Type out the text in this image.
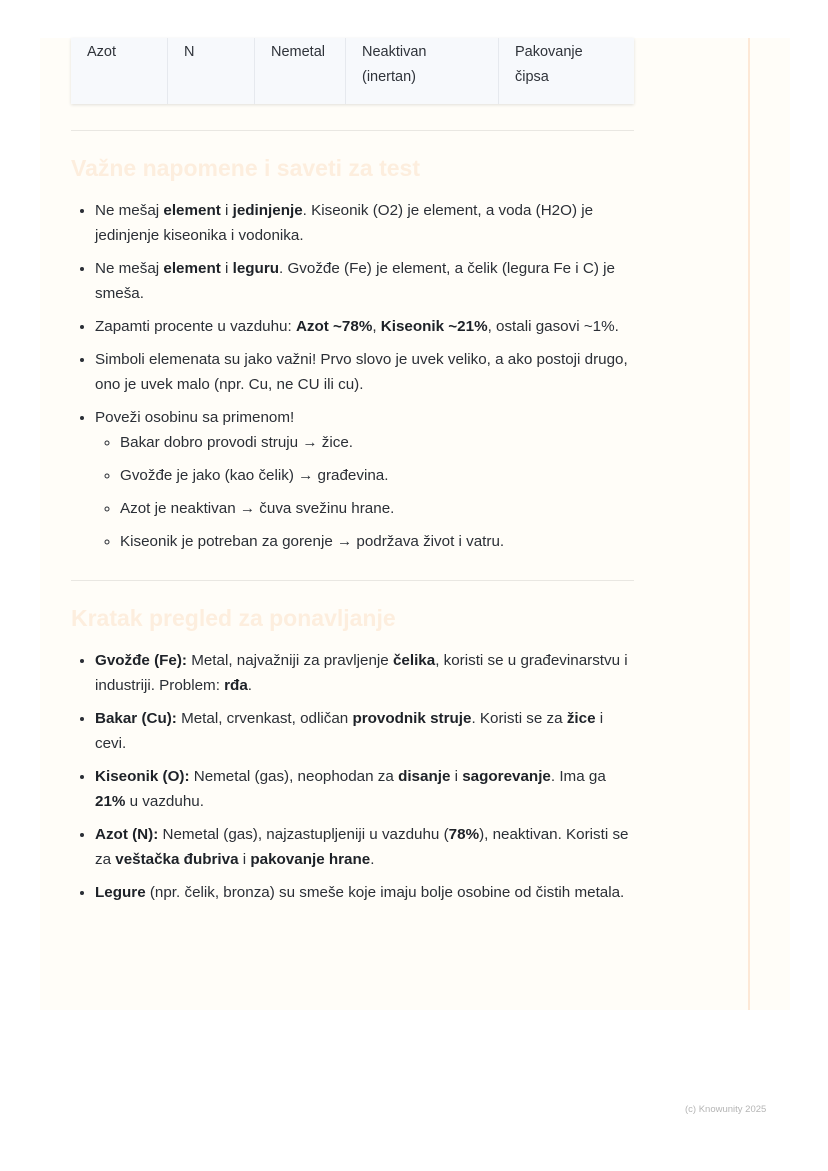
Azot	N	Nemetal	Neaktivan (inertan)	Pakovanje čipsa
Važne napomene i saveti za test
• Ne mešaj element i jedinjenje. Kiseonik (O2) je element, a voda (H2O) je jedinjenje kiseonika i vodonika.
• Ne mešaj element i leguru. Gvožđe (Fe) je element, a čelik (legura Fe i C) je smeša.
• Zapamti procente u vazduhu: Azot ~78%, Kiseonik ~21%, ostali gasovi ~1%.
• Simboli elemenata su jako važni! Prvo slovo je uvek veliko, a ako postoji drugo, ono je uvek malo (npr. Cu, ne CU ili cu).
• Poveži osobinu sa primenom!
◦ Bakar dobro provodi struju → žice.
◦ Gvožđe je jako (kao čelik) → građevina.
◦ Azot je neaktivan → čuva svežinu hrane.
◦ Kiseonik je potreban za gorenje → podržava život i vatru.
Kratak pregled za ponavljanje
• Gvožđe (Fe): Metal, najvažniji za pravljenje čelika, koristi se u građevinarstvu i industriji. Problem: rđa.
• Bakar (Cu): Metal, crvenkast, odličan provodnik struje. Koristi se za žice i cevi.
• Kiseonik (O): Nemetal (gas), neophodan za disanje i sagorevanje. Ima ga 21% u vazduhu.
• Azot (N): Nemetal (gas), najzastupljeniji u vazduhu (78%), neaktivan. Koristi se za veštačka đubriva i pakovanje hrane.
• Legure (npr. čelik, bronza) su smeše koje imaju bolje osobine od čistih metala.
(c) Knowunity 2025
